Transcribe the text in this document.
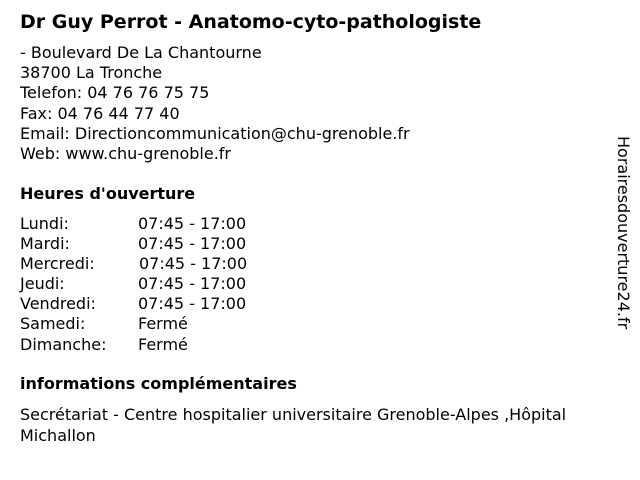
Dr Guy Perrot - Anatomo-cyto-pathologiste
- Boulevard De La Chantourne
38700 La Tronche
Telefon: 04 76 76 75 75
Fax: 04 76 44 77 40
Email: Directioncommunication@chu-grenoble.fr
Web: www.chu-grenoble.fr
Heures d'ouverture
Lundi:	07:45 - 17:00
Mardi:	07:45 - 17:00
Mercredi:	07:45 - 17:00
Jeudi:	07:45 - 17:00
Vendredi:	07:45 - 17:00
Samedi:	Fermé
Dimanche: Fermé
informations complémentaires
Secrétariat - Centre hospitalier universitaire Grenoble-Alpes ,Hôpital Michallon
Horairesdouverture24.fr
